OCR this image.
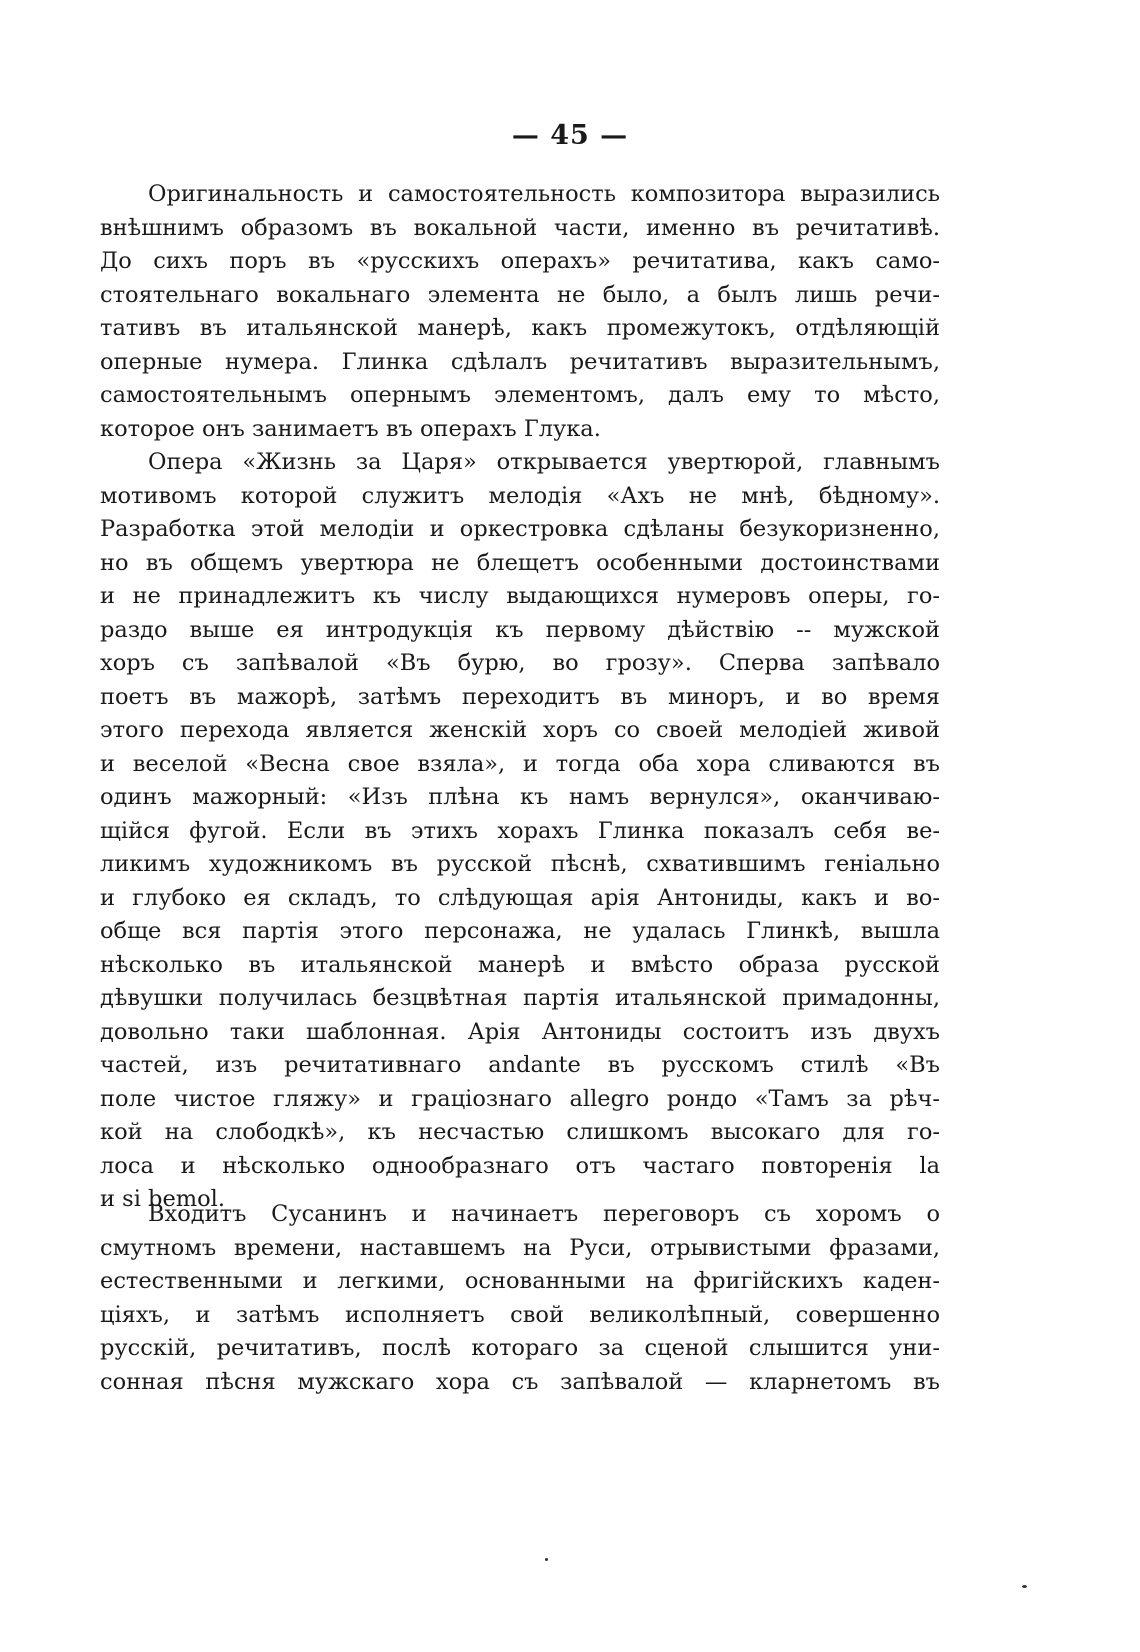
— 45 —
Оригинальность и самостоятельность композитора выразились
внѣшнимъ образомъ въ вокальной части, именно въ речитативѣ.
До сихъ поръ въ «русскихъ операхъ» речитатива, какъ само-
стоятельнаго вокальнаго элемента не было, а былъ лишь речи-
тативъ въ итальянской манерѣ, какъ промежутокъ, отдѣляющій
оперные нумера. Глинка сдѣлалъ речитативъ выразительнымъ,
самостоятельнымъ опернымъ элементомъ, далъ ему то мѣсто,
которое онъ занимаетъ въ операхъ Глука.
Опера «Жизнь за Царя» открывается увертюрой, главнымъ
мотивомъ которой служитъ мелодія «Ахъ не мнѣ, бѣдному».
Разработка этой мелодіи и оркестровка сдѣланы безукоризненно,
но въ общемъ увертюра не блещетъ особенными достоинствами
и не принадлежитъ къ числу выдающихся нумеровъ оперы, го-
раздо выше ея интродукція къ первому дѣйствію -- мужской
хоръ съ запѣвалой «Въ бурю, во грозу». Сперва запѣвало
поетъ въ мажорѣ, затѣмъ переходитъ въ миноръ, и во время
этого перехода является женскій хоръ со своей мелодіей живой
и веселой «Весна свое взяла», и тогда оба хора сливаются въ
одинъ мажорный: «Изъ плѣна къ намъ вернулся», оканчиваю-
щійся фугой. Если въ этихъ хорахъ Глинка показалъ себя ве-
ликимъ художникомъ въ русской пѣснѣ, схватившимъ геніально
и глубоко ея складъ, то слѣдующая арія Антониды, какъ и во-
обще вся партія этого персонажа, не удалась Глинкѣ, вышла
нѣсколько въ итальянской манерѣ и вмѣсто образа русской
дѣвушки получилась безцвѣтная партія итальянской примадонны,
довольно таки шаблонная. Арія Антониды состоитъ изъ двухъ
частей, изъ речитативнаго andante въ русскомъ стилѣ «Въ
поле чистое гляжу» и граціознаго allegro рондо «Тамъ за рѣч-
кой на слободкѣ», къ несчастью слишкомъ высокаго для го-
лоса и нѣсколько однообразнаго отъ частаго повторенія la
и si bemol.
Входитъ Сусанинъ и начинаетъ переговоръ съ хоромъ о
смутномъ времени, наставшемъ на Руси, отрывистыми фразами,
естественными и легкими, основанными на фригійскихъ каден-
ціяхъ, и затѣмъ исполняетъ свой великолѣпный, совершенно
русскій, речитативъ, послѣ котораго за сценой слышится уни-
сонная пѣсня мужскаго хора съ запѣвалой — кларнетомъ въ
